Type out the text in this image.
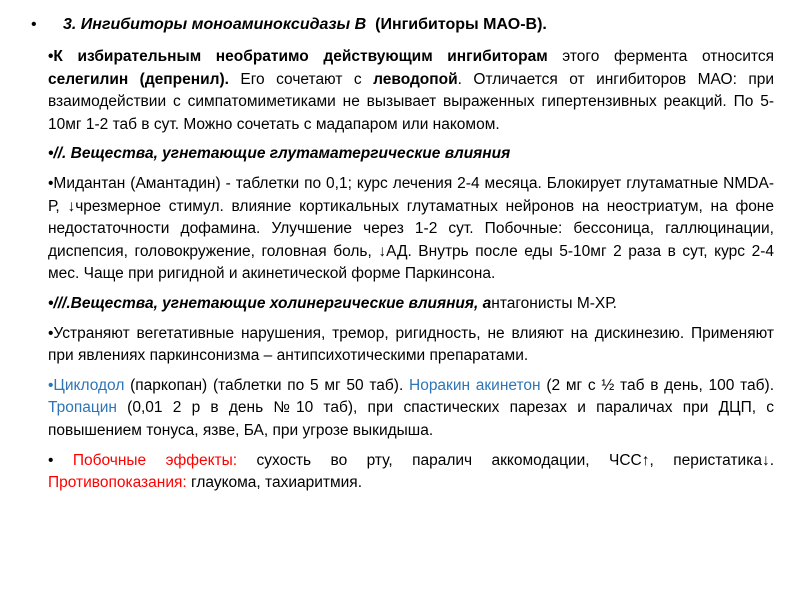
• 3. Ингибиторы моноаминоксидазы В (Ингибиторы МАО-В).

•К избирательным необратимо действующим ингибиторам этого фермента относится селегилин (депренил). Его сочетают с леводопой. Отличается от ингибиторов МАО: при взаимодействии с симпатомиметиками не вызывает выраженных гипертензивных реакций. По 5-10мг 1-2 таб в сут. Можно сочетать с мадапаром или накомом.

•//. Вещества, угнетающие глутаматергические влияния

•Мидантан (Амантадин) - таблетки по 0,1; курс лечения 2-4 месяца. Блокирует глутаматные NMDA-Р, ↓чрезмерное стимул. влияние кортикальных глутаматных нейронов на неостриатум, на фоне недостаточности дофамина. Улучшение через 1-2 сут. Побочные: бессоница, галлюцинации, диспепсия, головокружение, головная боль, ↓АД. Внутрь после еды 5-10мг 2 раза в сут, курс 2-4 мес. Чаще при ригидной и акинетической форме Паркинсона.

•///.Вещества, угнетающие холинергические влияния, антагонисты М-ХР.

•Устраняют вегетативные нарушения, тремор, ригидность, не влияют на дискинезию. Применяют при явлениях паркинсонизма – антипсихотическими препаратами.

•Циклодол (паркопан) (таблетки по 5 мг 50 таб). Норакин акинетон (2 мг с ½ таб в день, 100 таб). Тропацин (0,01 2 р в день №10 таб), при спастических парезах и параличах при ДЦП, с повышением тонуса, язве, БА, при угрозе выкидыша.

• Побочные эффекты: сухость во рту, паралич аккомодации, ЧСС↑, перистатика↓. Противопоказания: глаукома, тахиаритмия.
